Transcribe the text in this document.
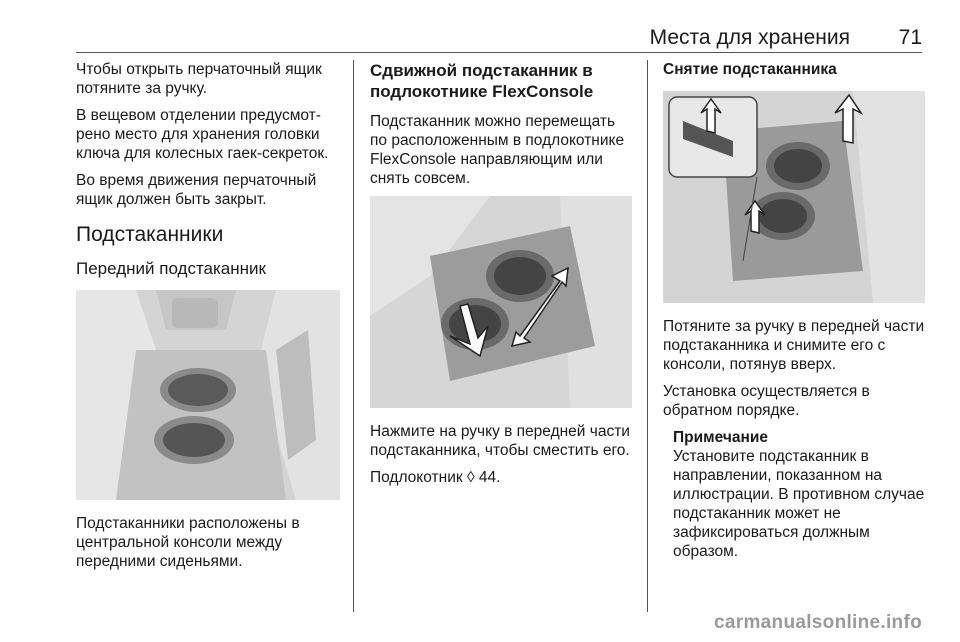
Места для хранения 71

Чтобы открыть перчаточный ящик потяните за ручку.

В вещевом отделении предусмотрено место для хранения головки ключа для колесных гаек-секреток.

Во время движения перчаточный ящик должен быть закрыт.

Подстаканники
Передний подстаканник

Подстаканники расположены в центральной консоли между передними сиденьями.

Сдвижной подстаканник в подлокотнике FlexConsole

Подстаканник можно перемещать по расположенным в подлокотнике FlexConsole направляющим или снять совсем.

Нажмите на ручку в передней части подстаканника, чтобы сместить его.

Подлокотник ◊ 44.

Снятие подстаканника

Потяните за ручку в передней части подстаканника и снимите его с консоли, потянув вверх.

Установка осуществляется в обратном порядке.

Примечание
Установите подстаканник в направлении, показанном на иллюстрации. В противном случае подстаканник может не зафиксироваться должным образом.
carmanualsonline.info
